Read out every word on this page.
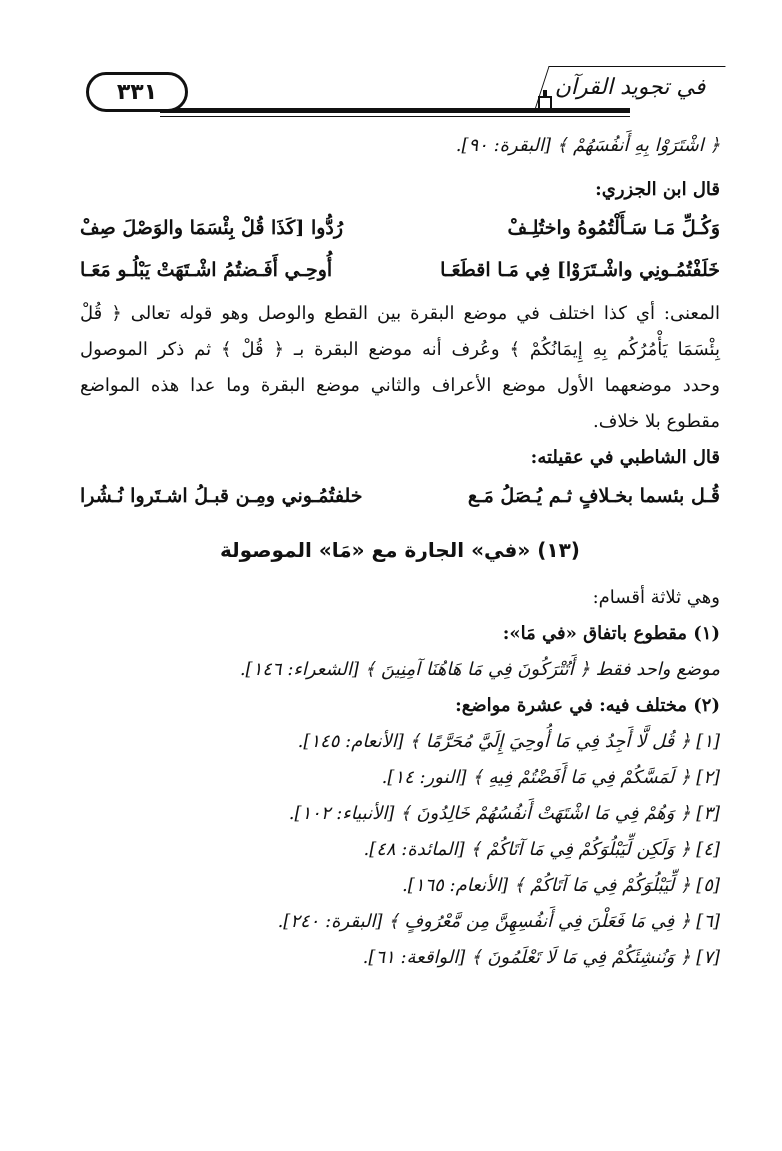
٣٣١	في تجويد القرآن
﴿ اشْتَرَوْا بِهِ أَنفُسَهُمْ ﴾ [البقرة: ٩٠].
قال ابن الجزري:
وَكُـلِّ مَـا سَـأَلْتُمُوهُ واختُلِـفْ
رُدُّوا [كَذَا قُلْ بِئْسَمَا والوَصْلَ صِفْ
خَلَفْتُمُـونِي واشْـتَرَوْا] فِي مَـا اقطَعَـا
أُوحِـي أَفَـضتُمُ اشْـتَهَتْ يَبْلُـو مَعَـا
المعنى: أي كذا اختلف في موضع البقرة بين القطع والوصل وهو قوله تعالى ﴿ قُلْ
بِئْسَمَا يَأْمُرُكُم بِهِ إِيمَانُكُمْ ﴾ وعُرف أنه موضع البقرة بـ ﴿ قُلْ ﴾ ثم ذكر الموصول
وحدد موضعهما الأول موضع الأعراف والثاني موضع البقرة وما عدا هذه المواضع
مقطوع بلا خلاف.
قال الشاطبي في عقيلته:
قُـل بئسما بخـلافٍ ثـم يُـصَلُ مَـع
خلفتُمُـوني ومِـن قبـلُ اشـتَروا نُـشُرا
(١٣) «في» الجارة مع «مَا» الموصولة
وهي ثلاثة أقسام:
(١) مقطوع باتفاق «في مَا»:
موضع واحد فقط ﴿ أَتُتْرَكُونَ فِي مَا هَاهُنَا آمِنِينَ ﴾ [الشعراء: ١٤٦].
(٢) مختلف فيه: في عشرة مواضع:
[١] ﴿ قُل لَّا أَجِدُ فِي مَا أُوحِيَ إِلَيَّ مُحَرَّمًا ﴾ [الأنعام: ١٤٥].
[٢] ﴿ لَمَسَّكُمْ فِي مَا أَفَضْتُمْ فِيهِ ﴾ [النور: ١٤].
[٣] ﴿ وَهُمْ فِي مَا اشْتَهَتْ أَنفُسُهُمْ خَالِدُونَ ﴾ [الأنبياء: ١٠٢].
[٤] ﴿ وَلَكِن لِّيَبْلُوَكُمْ فِي مَا آتَاكُمْ ﴾ [المائدة: ٤٨].
[٥] ﴿ لِّيَبْلُوَكُمْ فِي مَا آتَاكُمْ ﴾ [الأنعام: ١٦٥].
[٦] ﴿ فِي مَا فَعَلْنَ فِي أَنفُسِهِنَّ مِن مَّعْرُوفٍ ﴾ [البقرة: ٢٤٠].
[٧] ﴿ وَنُنشِئَكُمْ فِي مَا لَا تَعْلَمُونَ ﴾ [الواقعة: ٦١].
